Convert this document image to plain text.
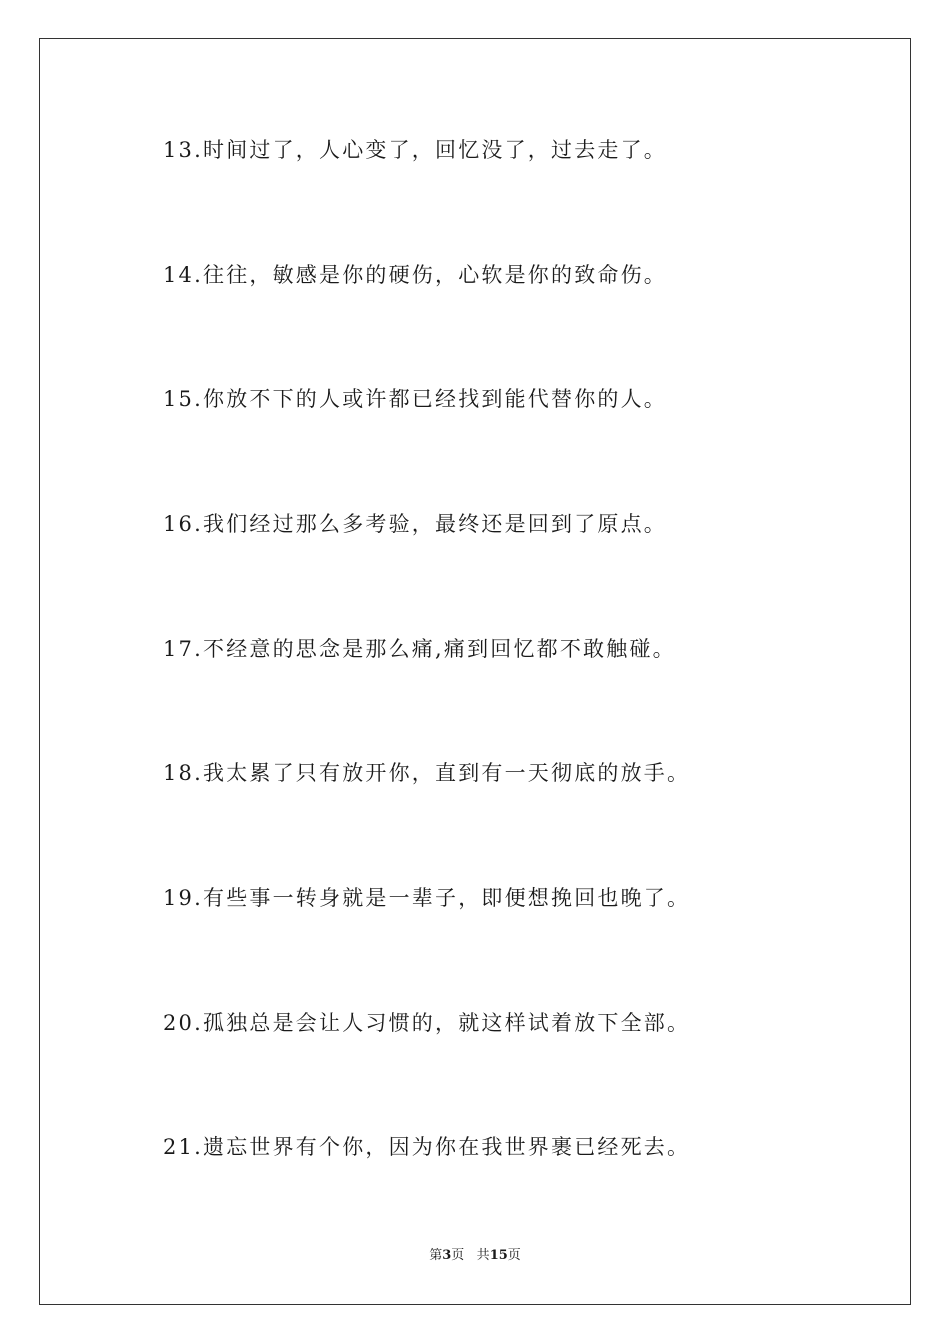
13.时间过了，人心变了，回忆没了，过去走了。
14.往往，敏感是你的硬伤，心软是你的致命伤。
15.你放不下的人或许都已经找到能代替你的人。
16.我们经过那么多考验，最终还是回到了原点。
17.不经意的思念是那么痛,痛到回忆都不敢触碰。
18.我太累了只有放开你，直到有一天彻底的放手。
19.有些事一转身就是一辈子，即便想挽回也晚了。
20.孤独总是会让人习惯的，就这样试着放下全部。
21.遗忘世界有个你，因为你在我世界裹已经死去。
第3页 共15页
